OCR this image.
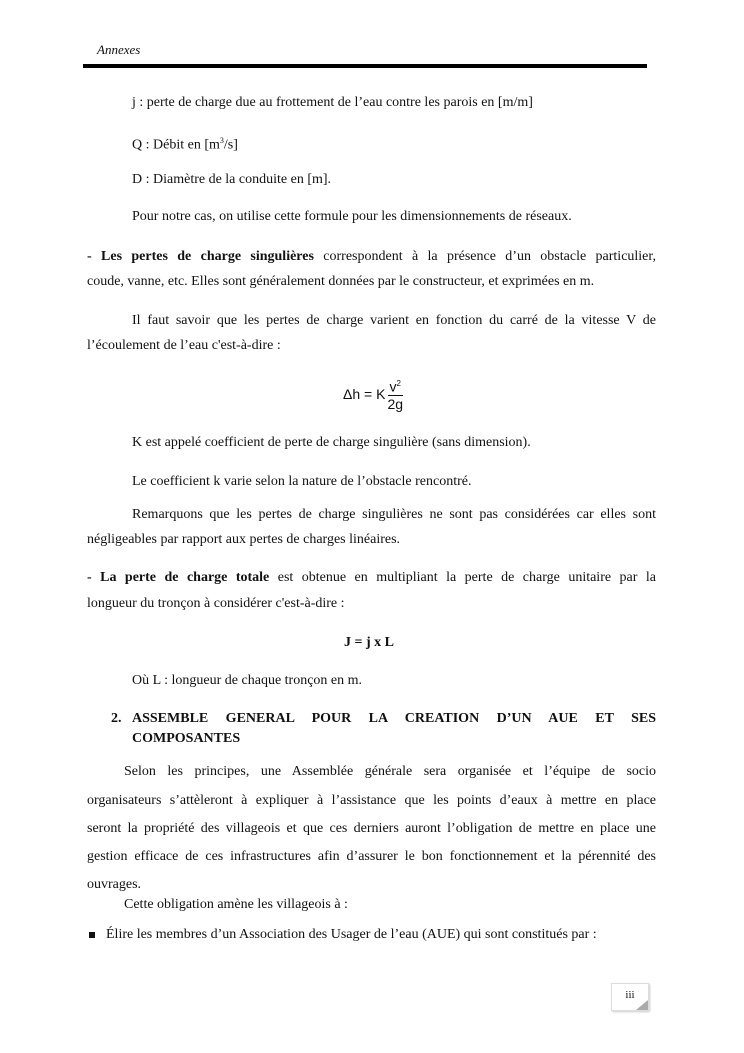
Annexes
j : perte de charge due au frottement de l’eau contre les parois en [m/m]
Q : Débit en $[m^3/s]$
D : Diamètre de la conduite en [m].
Pour notre cas, on utilise cette formule pour les dimensionnements de réseaux.
- Les pertes de charge singulières correspondent à la présence d’un obstacle particulier,
coude, vanne, etc. Elles sont généralement données par le constructeur, et exprimées en m.
Il faut savoir que les pertes de charge varient en fonction du carré de la vitesse V de
l’écoulement de l’eau c'est-à-dire :
Δh = K $\frac{v^2}{2g}$
K est appelé coefficient de perte de charge singulière (sans dimension).
Le coefficient k varie selon la nature de l’obstacle rencontré.
Remarquons que les pertes de charge singulières ne sont pas considérées car elles sont
négligeables par rapport aux pertes de charges linéaires.
- La perte de charge totale est obtenue en multipliant la perte de charge unitaire par la
longueur du tronçon à considérer c'est-à-dire :
J = j x L
Où L : longueur de chaque tronçon en m.
2. ASSEMBLE GENERAL POUR LA CREATION D’UN AUE ET SES
COMPOSANTES
Selon les principes, une Assemblée générale sera organisée et l’équipe de socio
organisateurs s’attèleront à expliquer à l’assistance que les points d’eaux à mettre en place
seront la propriété des villageois et que ces derniers auront l’obligation de mettre en place une
gestion efficace de ces infrastructures afin d’assurer le bon fonctionnement et la pérennité des
ouvrages.
Cette obligation amène les villageois à :
Élire les membres d’un Association des Usager de l’eau (AUE) qui sont constitués par :
iii
